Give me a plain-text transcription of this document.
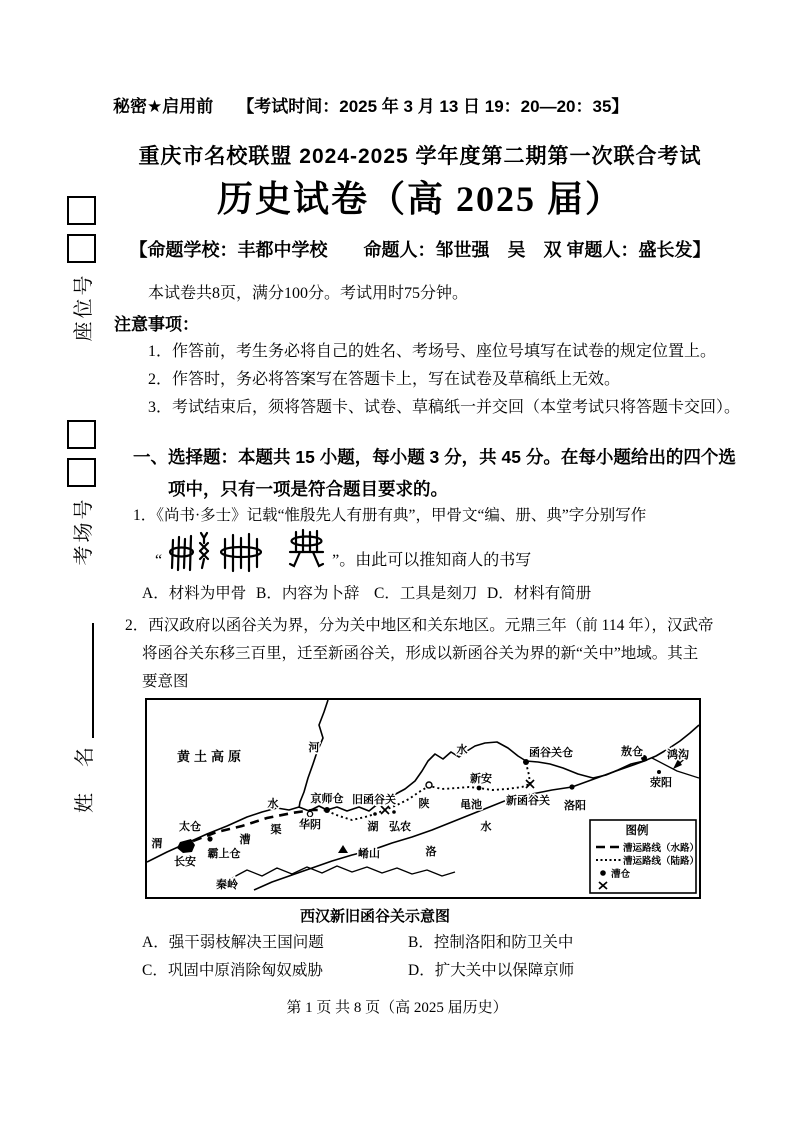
座位号
考场号
姓　名
秘密★启用前 【考试时间：2025 年 3 月 13 日 19：20—20：35】
重庆市名校联盟 2024-2025 学年度第二期第一次联合考试
历史试卷（高 2025 届）
【命题学校：丰都中学校　　命题人：邹世强　吴　双 审题人：盛长发】
本试卷共8页，满分100分。考试用时75分钟。
注意事项：
1．作答前，考生务必将自己的姓名、考场号、座位号填写在试卷的规定位置上。
2．作答时，务必将答案写在答题卡上，写在试卷及草稿纸上无效。
3．考试结束后，须将答题卡、试卷、草稿纸一并交回（本堂考试只将答题卡交回）。
一、选择题：本题共 15 小题，每小题 3 分，共 45 分。在每小题给出的四个选
项中，只有一项是符合题目要求的。
1．《尚书·多士》记载“惟殷先人有册有典”，甲骨文“编、册、典”字分别写作
“	”。由此可以推知商人的书写
A．材料为甲骨 B．内容为卜辞 C．工具是刻刀 D．材料有简册
2．西汉政府以函谷关为界，分为关中地区和关东地区。元鼎三年（前 114 年），汉武帝
将函谷关东移三百里，迁至新函谷关，形成以新函谷关为界的新“关中”地域。其主
要意图
黄土高原
河
水
水
水
渭
渠
漕
太仓
长安
霸上仓
京师仓
华阴
旧函谷关
湖 弘农
陕
新安
黾池 新函谷关
函谷关仓
洛阳
敖仓 鸿沟
荥阳
崤山
秦岭
洛
图例
漕运路线（水路）
漕运路线（陆路）
漕仓
西汉新旧函谷关示意图
A．强干弱枝解决王国问题	B．控制洛阳和防卫关中
C．巩固中原消除匈奴威胁	D．扩大关中以保障京师
第 1 页 共 8 页（高 2025 届历史）
